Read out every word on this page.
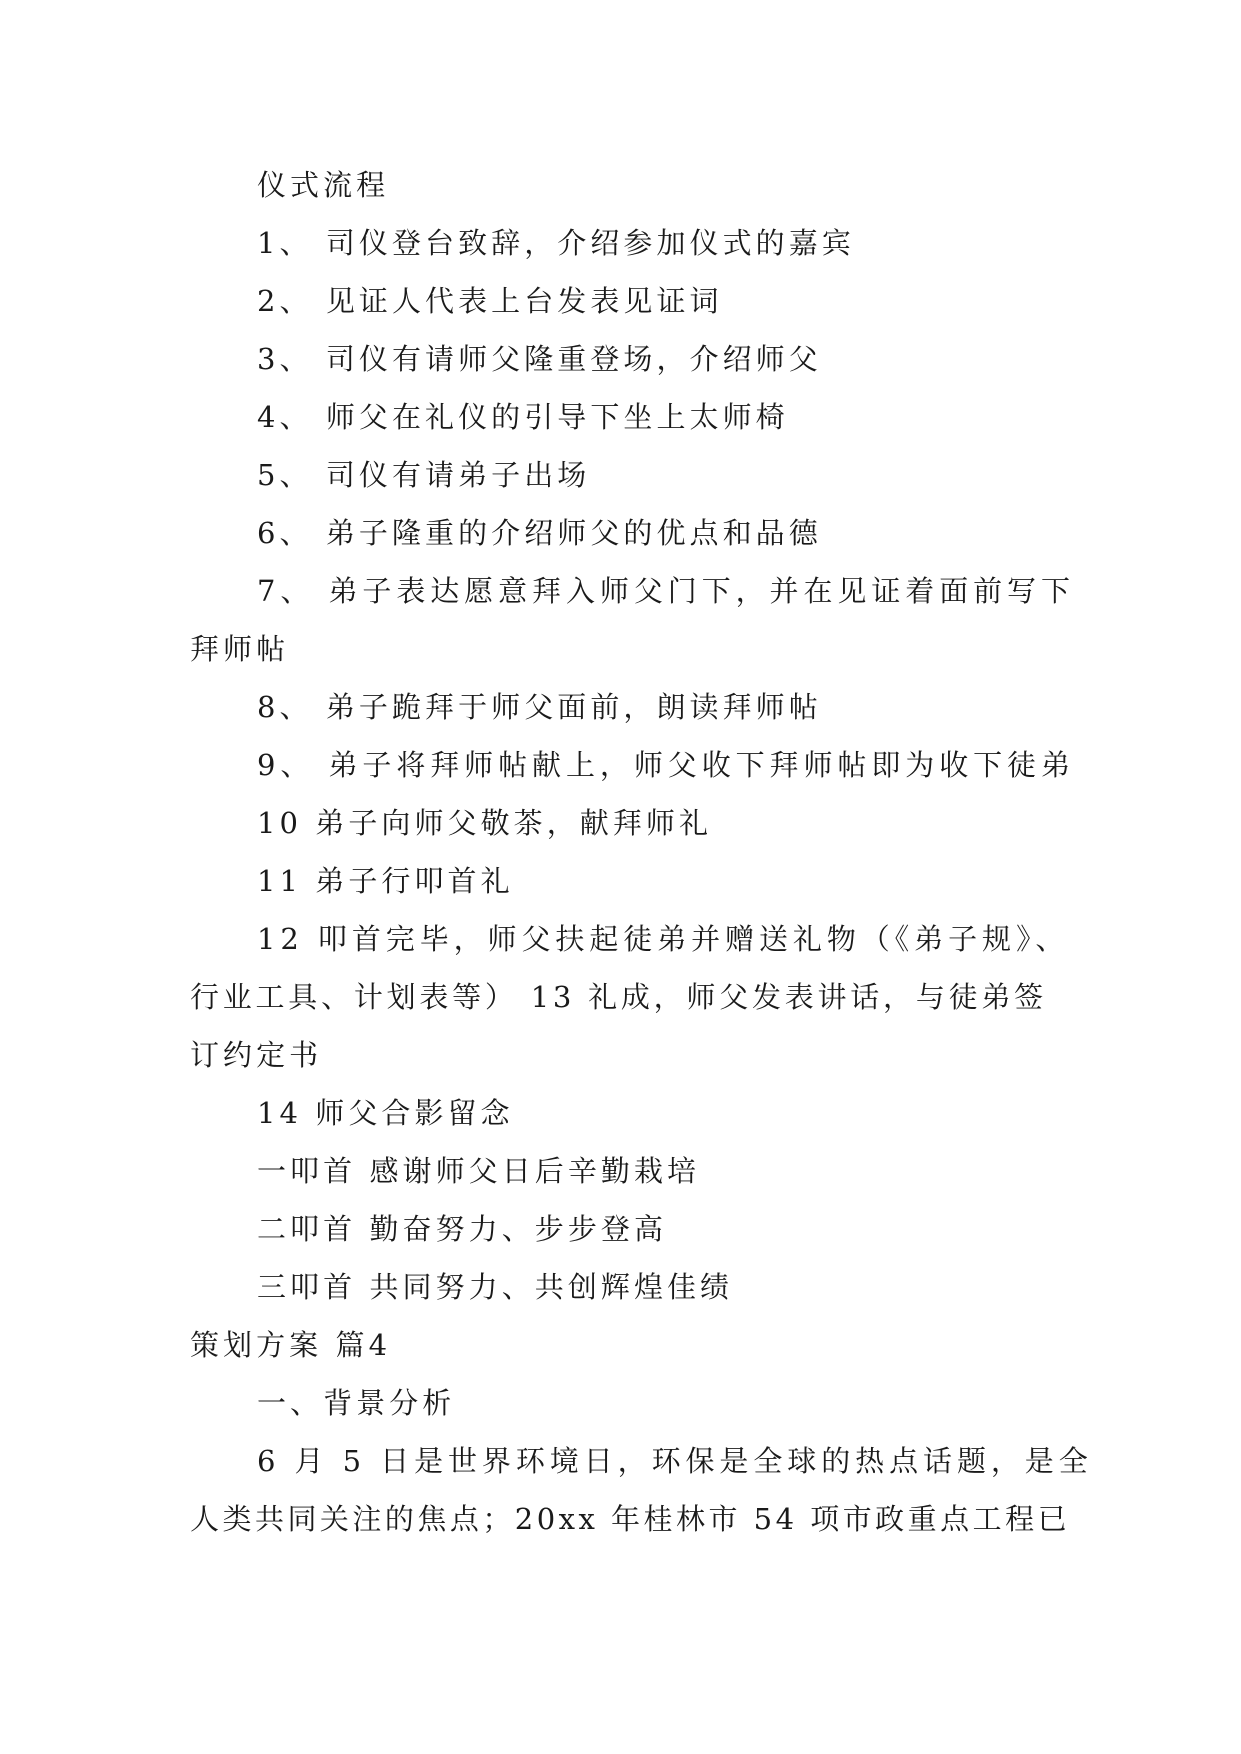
仪式流程
1、 司仪登台致辞，介绍参加仪式的嘉宾
2、 见证人代表上台发表见证词
3、 司仪有请师父隆重登场，介绍师父
4、 师父在礼仪的引导下坐上太师椅
5、 司仪有请弟子出场
6、 弟子隆重的介绍师父的优点和品德
7、 弟子表达愿意拜入师父门下，并在见证着面前写下
拜师帖
8、 弟子跪拜于师父面前，朗读拜师帖
9、 弟子将拜师帖献上，师父收下拜师帖即为收下徒弟
10 弟子向师父敬茶，献拜师礼
11 弟子行叩首礼
12 叩首完毕，师父扶起徒弟并赠送礼物（《弟子规》、
行业工具、计划表等） 13 礼成，师父发表讲话，与徒弟签
订约定书
14 师父合影留念
一叩首 感谢师父日后辛勤栽培
二叩首 勤奋努力、步步登高
三叩首 共同努力、共创辉煌佳绩
策划方案 篇4
一、背景分析
6 月 5 日是世界环境日，环保是全球的热点话题，是全
人类共同关注的焦点；20xx 年桂林市 54 项市政重点工程已
